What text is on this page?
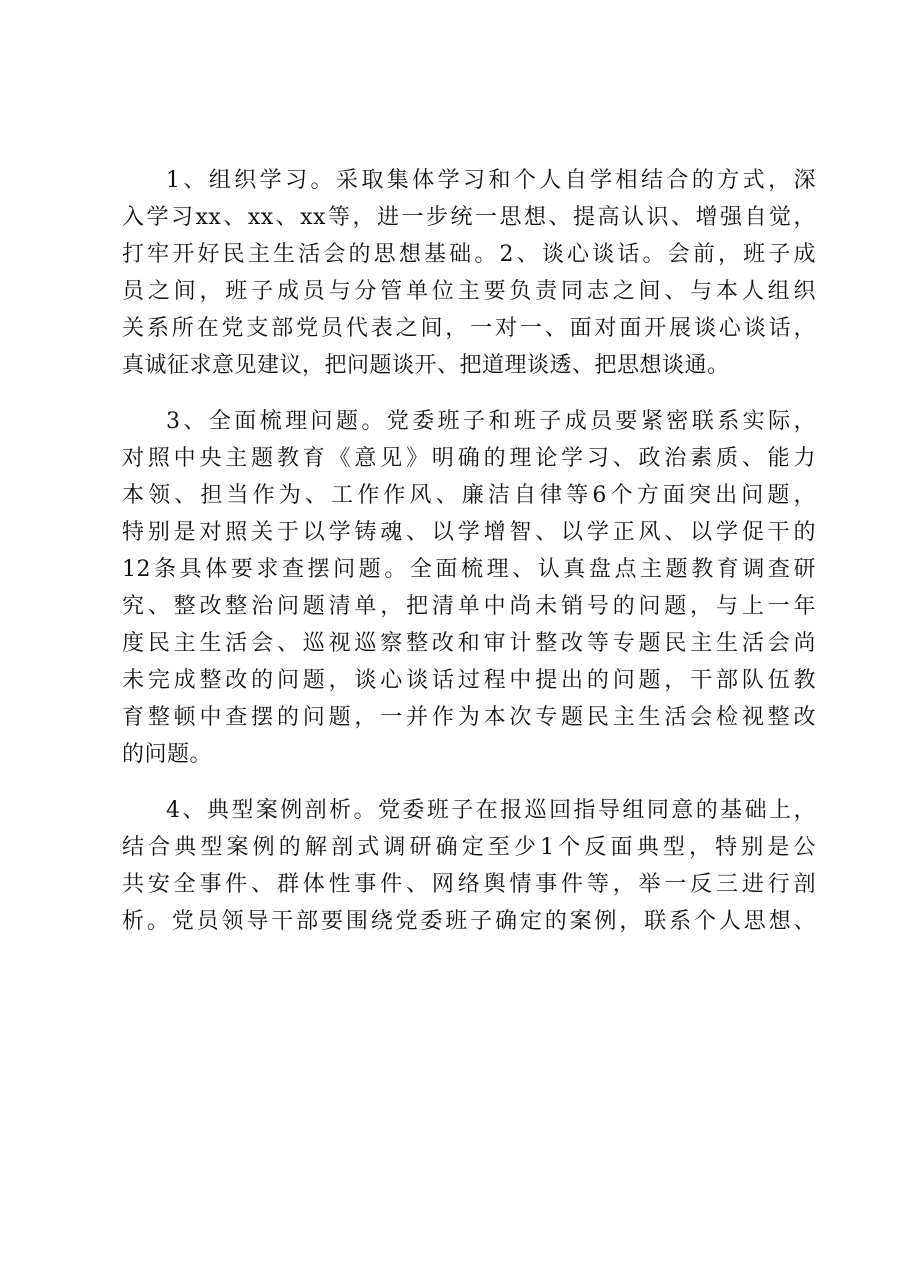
1、组织学习。采取集体学习和个人自学相结合的方式，深
入学习xx、xx、xx等，进一步统一思想、提高认识、增强自觉，
打牢开好民主生活会的思想基础。2、谈心谈话。会前，班子成
员之间，班子成员与分管单位主要负责同志之间、与本人组织
关系所在党支部党员代表之间，一对一、面对面开展谈心谈话，
真诚征求意见建议，把问题谈开、把道理谈透、把思想谈通。
3、全面梳理问题。党委班子和班子成员要紧密联系实际，
对照中央主题教育《意见》明确的理论学习、政治素质、能力
本领、担当作为、工作作风、廉洁自律等6个方面突出问题，
特别是对照关于以学铸魂、以学增智、以学正风、以学促干的
12条具体要求查摆问题。全面梳理、认真盘点主题教育调查研
究、整改整治问题清单，把清单中尚未销号的问题，与上一年
度民主生活会、巡视巡察整改和审计整改等专题民主生活会尚
未完成整改的问题，谈心谈话过程中提出的问题，干部队伍教
育整顿中查摆的问题，一并作为本次专题民主生活会检视整改
的问题。
4、典型案例剖析。党委班子在报巡回指导组同意的基础上，
结合典型案例的解剖式调研确定至少1个反面典型，特别是公
共安全事件、群体性事件、网络舆情事件等，举一反三进行剖
析。党员领导干部要围绕党委班子确定的案例，联系个人思想、
